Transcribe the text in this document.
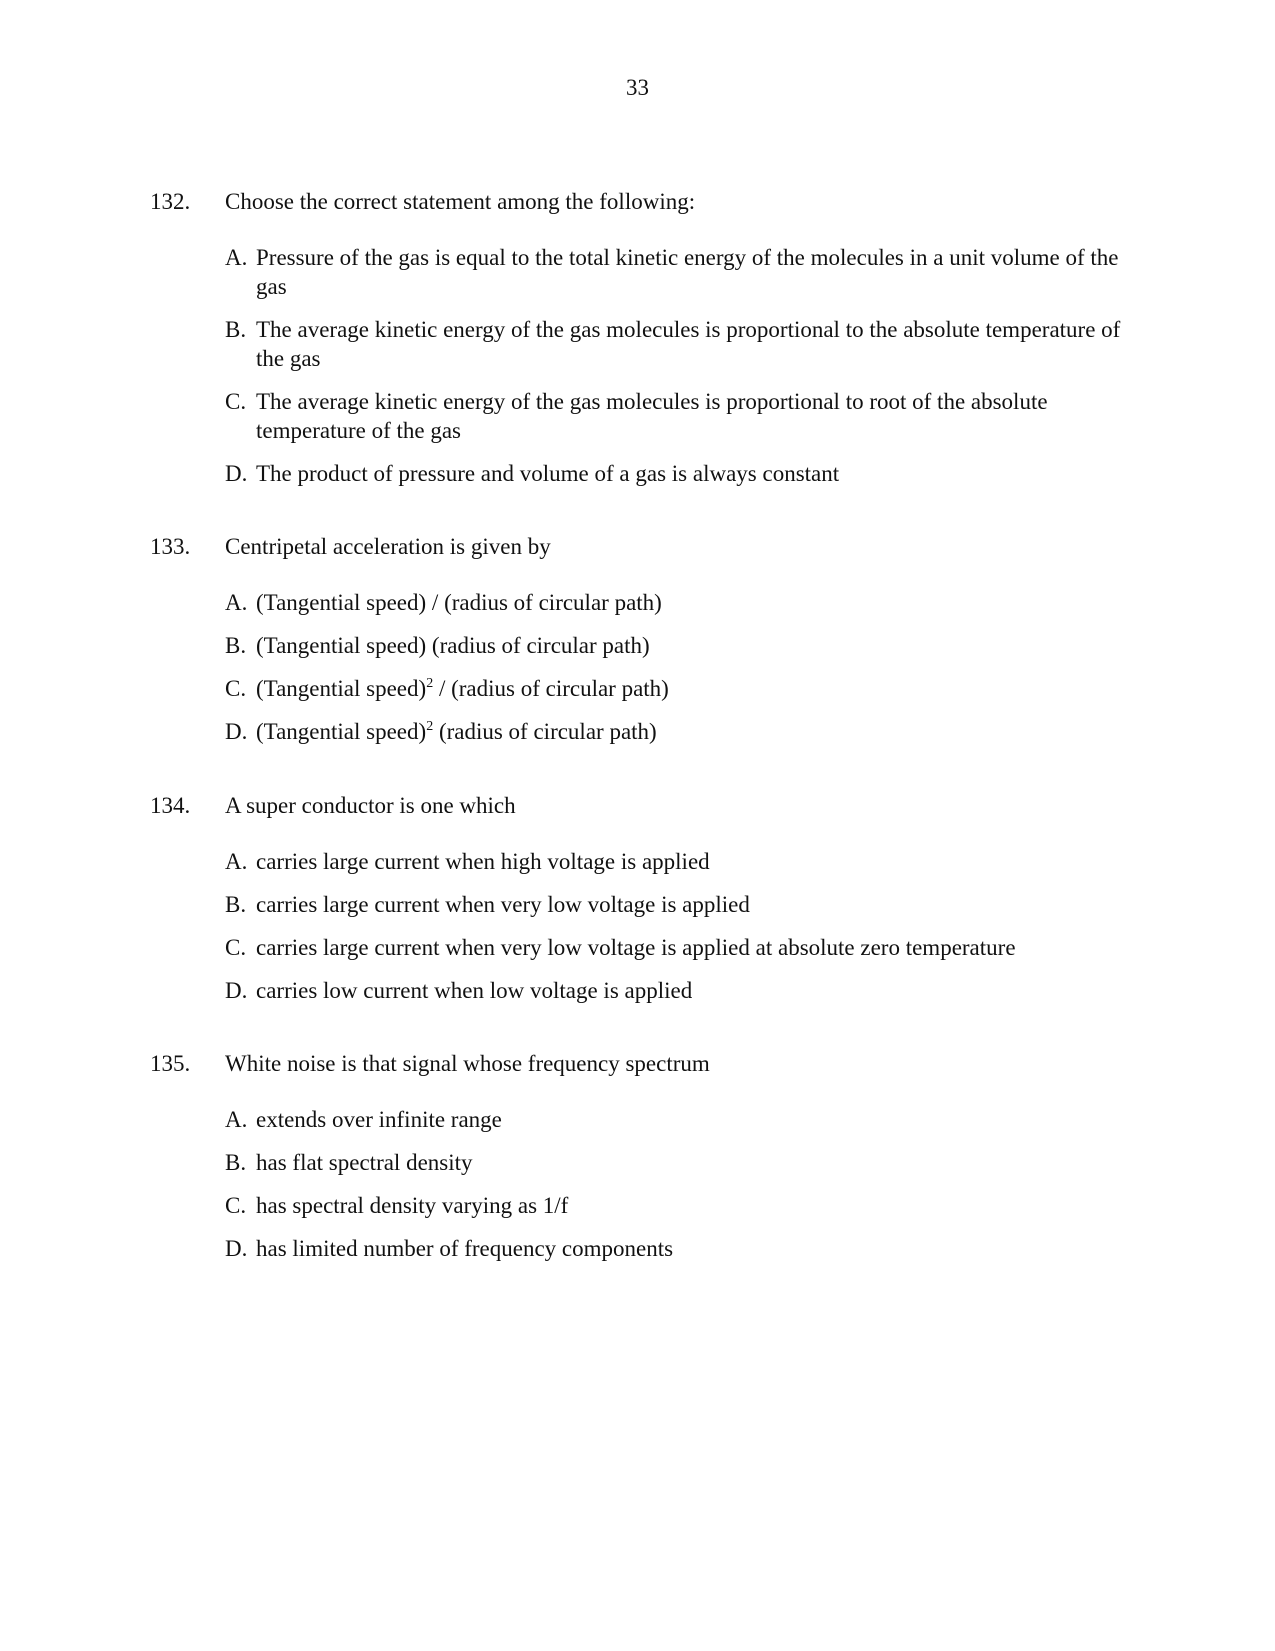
33
132. Choose the correct statement among the following:
A. Pressure of the gas is equal to the total kinetic energy of the molecules in a unit volume of the gas
B. The average kinetic energy of the gas molecules is proportional to the absolute temperature of the gas
C. The average kinetic energy of the gas molecules is proportional to root of the absolute temperature of the gas
D. The product of pressure and volume of a gas is always constant
133. Centripetal acceleration is given by
A. (Tangential speed) / (radius of circular path)
B. (Tangential speed) (radius of circular path)
C. (Tangential speed)$^2$ / (radius of circular path)
D. (Tangential speed)$^2$ (radius of circular path)
134. A super conductor is one which
A. carries large current when high voltage is applied
B. carries large current when very low voltage is applied
C. carries large current when very low voltage is applied at absolute zero temperature
D. carries low current when low voltage is applied
135. White noise is that signal whose frequency spectrum
A. extends over infinite range
B. has flat spectral density
C. has spectral density varying as 1/f
D. has limited number of frequency components
